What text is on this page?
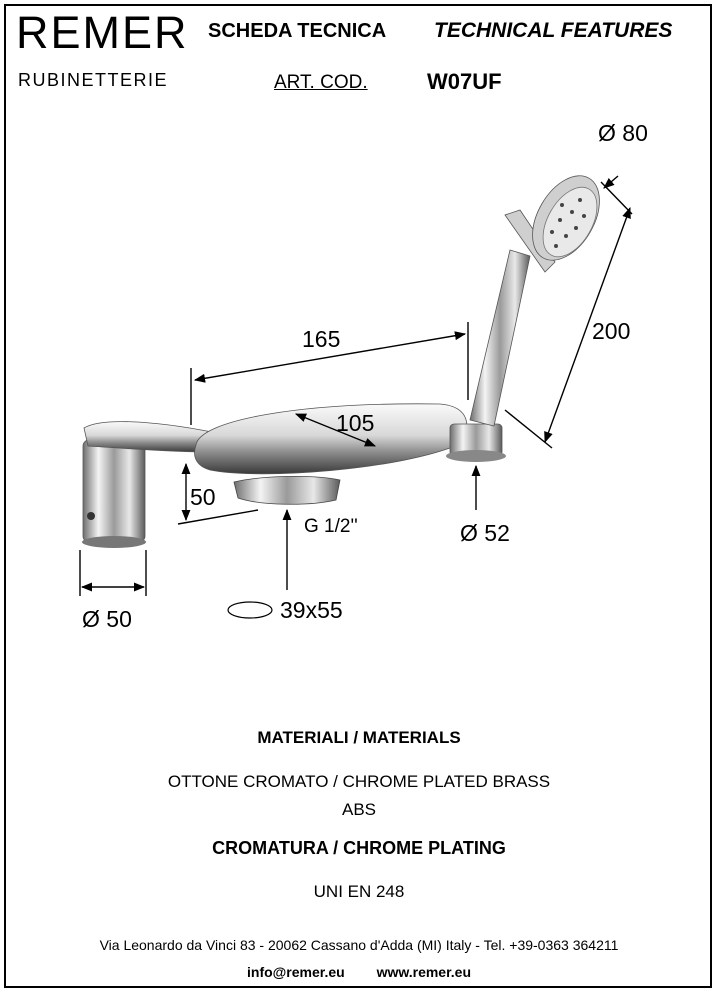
REMER
RUBINETTERIE
SCHEDA TECNICA TECHNICAL FEATURES
ART. COD.	W07UF
Ø 80
200
165
105
50
G 1/2''	Ø 52
Ø 50	39x55
MATERIALI / MATERIALS
OTTONE CROMATO / CHROME PLATED BRASS
ABS
CROMATURA / CHROME PLATING
UNI EN 248
Via Leonardo da Vinci 83 - 20062 Cassano d'Adda (MI) Italy - Tel. +39-0363 364211
info@remer.eu www.remer.eu
